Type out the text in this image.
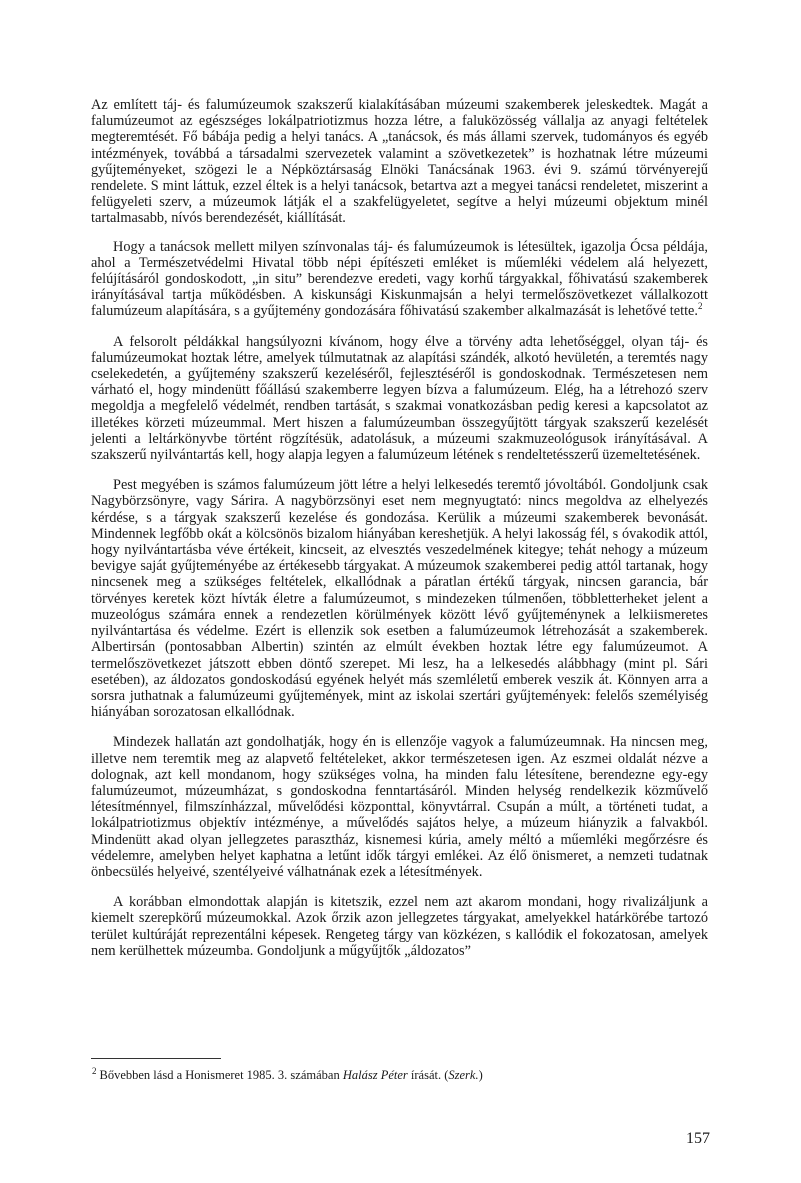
Az említett táj- és falumúzeumok szakszerű kialakításában múzeumi szakemberek jeleskedtek. Magát a falumúzeumot az egészséges lokálpatriotizmus hozza létre, a faluközösség vállalja az anyagi feltételek megteremtését. Fő bábája pedig a helyi tanács. A „tanácsok, és más állami szervek, tudományos és egyéb intézmények, továbbá a társadalmi szervezetek valamint a szövetkezetek” is hozhatnak létre múzeumi gyűjteményeket, szögezi le a Népköztársaság Elnöki Tanácsának 1963. évi 9. számú törvényerejű rendelete. S mint láttuk, ezzel éltek is a helyi tanácsok, betartva azt a megyei tanácsi rendeletet, miszerint a felügyeleti szerv, a múzeumok látják el a szakfelügyeletet, segítve a helyi múzeumi objektum minél tartalmasabb, nívós berendezését, kiállítását.

Hogy a tanácsok mellett milyen színvonalas táj- és falumúzeumok is létesültek, igazolja Ócsa példája, ahol a Természetvédelmi Hivatal több népi építészeti emléket is műemléki védelem alá helyezett, felújításáról gondoskodott, „in situ” berendezve eredeti, vagy korhű tárgyakkal, főhivatású szakemberek irányításával tartja működésben. A kiskunsági Kiskunmajsán a helyi termelőszövetkezet vállalkozott falumúzeum alapítására, s a gyűjtemény gondozására főhivatású szakember alkalmazását is lehetővé tette.$^2$

A felsorolt példákkal hangsúlyozni kívánom, hogy élve a törvény adta lehetőséggel, olyan táj- és falumúzeumokat hoztak létre, amelyek túlmutatnak az alapítási szándék, alkotó hevületén, a teremtés nagy cselekedetén, a gyűjtemény szakszerű kezeléséről, fejlesztéséről is gondoskodnak. Természetesen nem várható el, hogy mindenütt főállású szakemberre legyen bízva a falumúzeum. Elég, ha a létrehozó szerv megoldja a megfelelő védelmét, rendben tartását, s szakmai vonatkozásban pedig keresi a kapcsolatot az illetékes körzeti múzeummal. Mert hiszen a falumúzeumban összegyűjtött tárgyak szakszerű kezelését jelenti a leltárkönyvbe történt rögzítésük, adatolásuk, a múzeumi szakmuzeológusok irányításával. A szakszerű nyilvántartás kell, hogy alapja legyen a falumúzeum létének s rendeltetésszerű üzemeltetésének.

Pest megyében is számos falumúzeum jött létre a helyi lelkesedés teremtő jóvoltából. Gondoljunk csak Nagybörzsönyre, vagy Sárira. A nagybörzsönyi eset nem megnyugtató: nincs megoldva az elhelyezés kérdése, s a tárgyak szakszerű kezelése és gondozása. Kerülik a múzeumi szakemberek bevonását. Mindennek legfőbb okát a kölcsönös bizalom hiányában kereshetjük. A helyi lakosság fél, s óvakodik attól, hogy nyilvántartásba véve értékeit, kincseit, az elvesztés veszedelmének kitegye; tehát nehogy a múzeum bevigye saját gyűjteményébe az értékesebb tárgyakat. A múzeumok szakemberei pedig attól tartanak, hogy nincsenek meg a szükséges feltételek, elkallódnak a páratlan értékű tárgyak, nincsen garancia, bár törvényes keretek közt hívták életre a falumúzeumot, s mindezeken túlmenően, többletterheket jelent a muzeológus számára ennek a rendezetlen körülmények között lévő gyűjteménynek a lelkiismeretes nyilvántartása és védelme. Ezért is ellenzik sok esetben a falumúzeumok létrehozását a szakemberek. Albertirsán (pontosabban Albertin) szintén az elmúlt években hoztak létre egy falumúzeumot. A termelőszövetkezet játszott ebben döntő szerepet. Mi lesz, ha a lelkesedés alábbhagy (mint pl. Sári esetében), az áldozatos gondoskodású egyének helyét más szemléletű emberek veszik át. Könnyen arra a sorsra juthatnak a falumúzeumi gyűjtemények, mint az iskolai szertári gyűjtemények: felelős személyiség hiányában sorozatosan elkallódnak.

Mindezek hallatán azt gondolhatják, hogy én is ellenzője vagyok a falumúzeumnak. Ha nincsen meg, illetve nem teremtik meg az alapvető feltételeket, akkor természetesen igen. Az eszmei oldalát nézve a dolognak, azt kell mondanom, hogy szükséges volna, ha minden falu létesítene, berendezne egy-egy falumúzeumot, múzeumházat, s gondoskodna fenntartásáról. Minden helység rendelkezik közművelő létesítménnyel, filmszínházzal, művelődési központtal, könyvtárral. Csupán a múlt, a történeti tudat, a lokálpatriotizmus objektív intézménye, a művelődés sajátos helye, a múzeum hiányzik a falvakból. Mindenütt akad olyan jellegzetes parasztház, kisnemesi kúria, amely méltó a műemléki megőrzésre és védelemre, amelyben helyet kaphatna a letűnt idők tárgyi emlékei. Az élő önismeret, a nemzeti tudatnak önbecsülés helyeivé, szentélyeivé válhatnának ezek a létesítmények.

A korábban elmondottak alapján is kitetszik, ezzel nem azt akarom mondani, hogy rivalizáljunk a kiemelt szerepkörű múzeumokkal. Azok őrzik azon jellegzetes tárgyakat, amelyekkel határkörébe tartozó terület kultúráját reprezentálni képesek. Rengeteg tárgy van közkézen, s kallódik el fokozatosan, amelyek nem kerülhettek múzeumba. Gondoljunk a műgyűjtők „áldozatos”

$^2$ Bővebben lásd a Honismeret 1985. 3. számában Halász Péter írását. (Szerk.)
157
